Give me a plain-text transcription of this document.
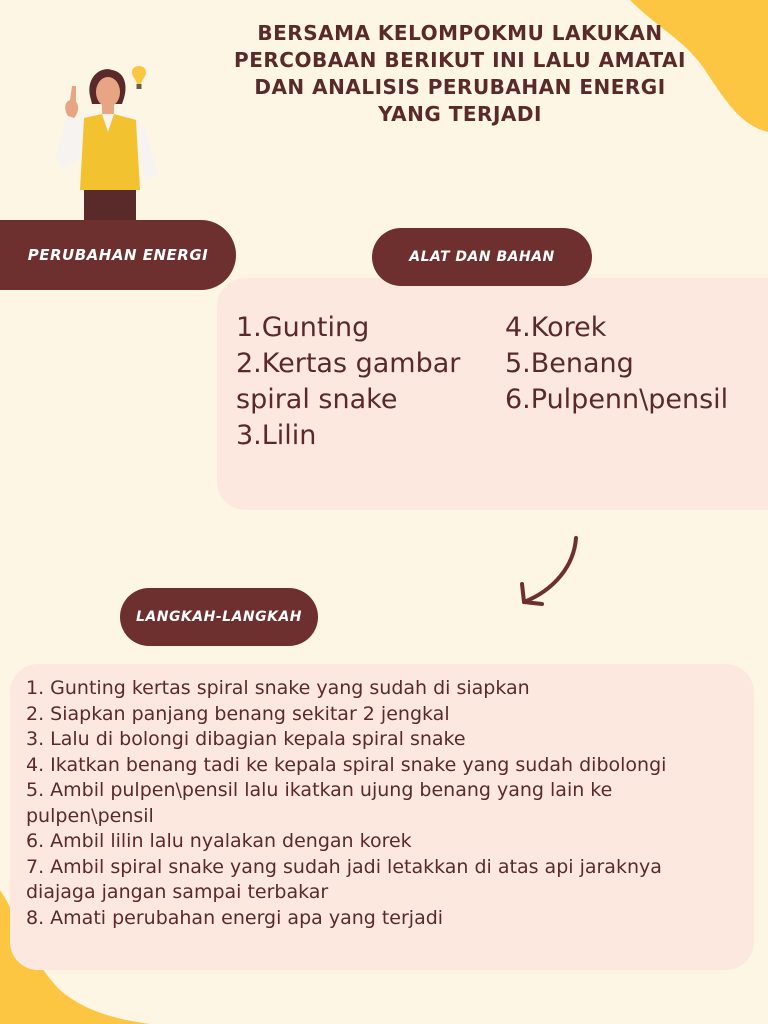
BERSAMA KELOMPOKMU LAKUKAN PERCOBAAN BERIKUT INI LALU AMATAI DAN ANALISIS PERUBAHAN ENERGI YANG TERJADI
PERUBAHAN ENERGI	ALAT DAN BAHAN
1.Gunting
2.Kertas gambar spiral snake
3.Lilin
4.Korek
5.Benang
6.Pulpenn\pensil
LANGKAH-LANGKAH
1. Gunting kertas spiral snake yang sudah di siapkan
2. Siapkan panjang benang sekitar 2 jengkal
3. Lalu di bolongi dibagian kepala spiral snake
4. Ikatkan benang tadi ke kepala spiral snake yang sudah dibolongi
5. Ambil pulpen\pensil lalu ikatkan ujung benang yang lain ke pulpen\pensil
6. Ambil lilin lalu nyalakan dengan korek
7. Ambil spiral snake yang sudah jadi letakkan di atas api jaraknya diajaga jangan sampai terbakar
8. Amati perubahan energi apa yang terjadi
